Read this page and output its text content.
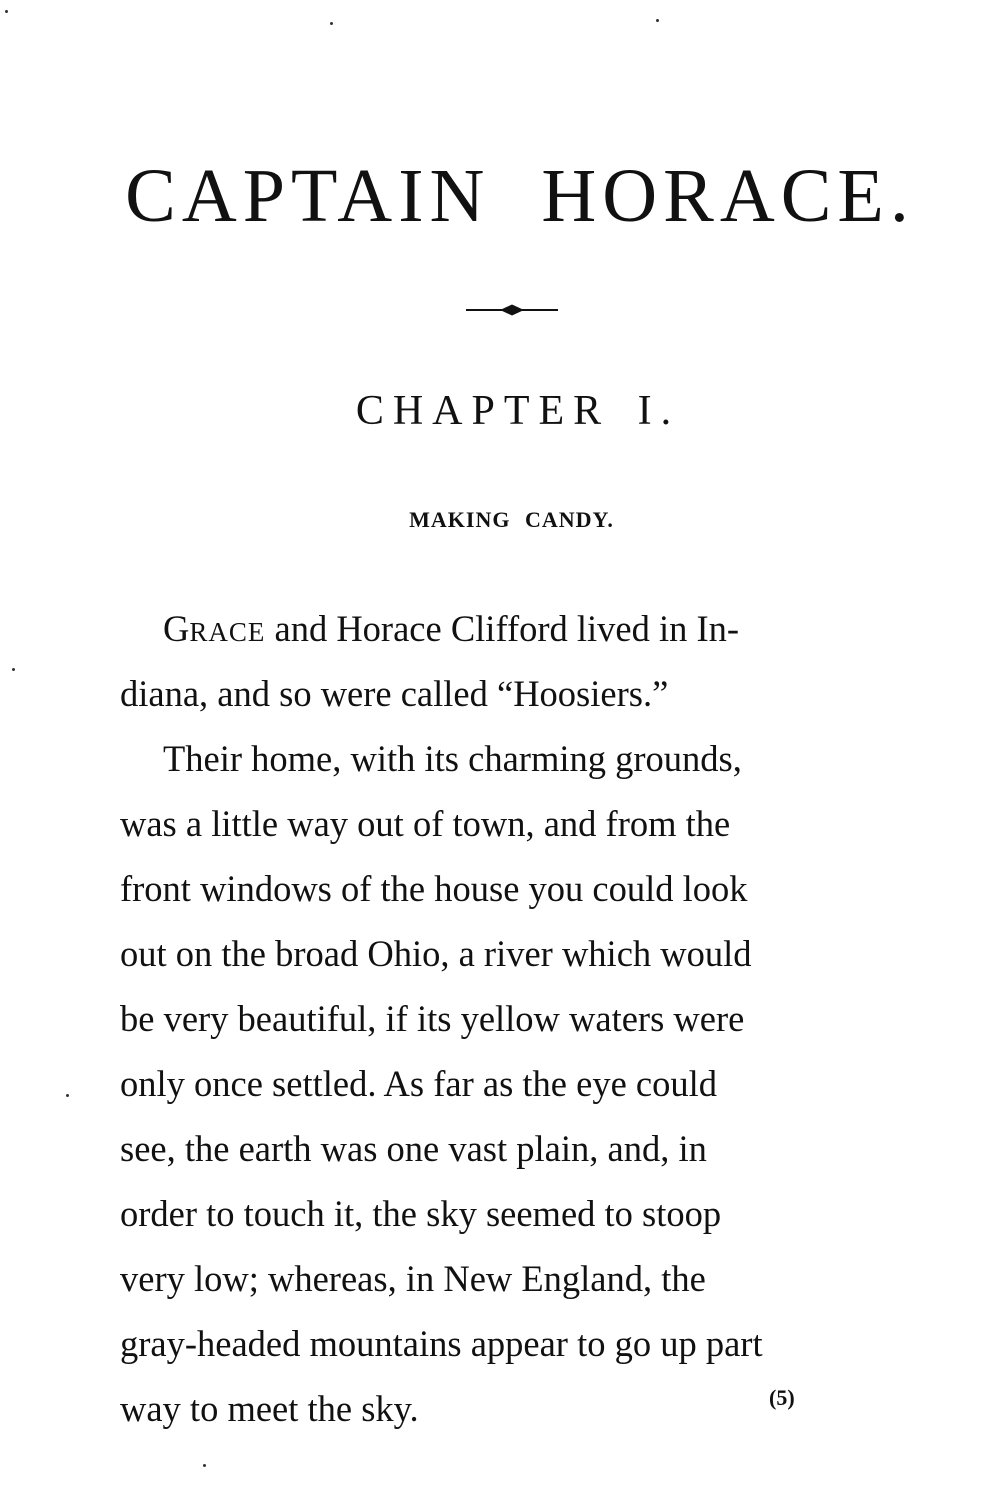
CAPTAIN HORACE.
CHAPTER I.
MAKING CANDY.
GRACE and Horace Clifford lived in In-
diana, and so were called “Hoosiers.”
Their home, with its charming grounds,
was a little way out of town, and from the
front windows of the house you could look
out on the broad Ohio, a river which would
be very beautiful, if its yellow waters were
only once settled. As far as the eye could
see, the earth was one vast plain, and, in
order to touch it, the sky seemed to stoop
very low; whereas, in New England, the
gray-headed mountains appear to go up part
way to meet the sky.	(5)
